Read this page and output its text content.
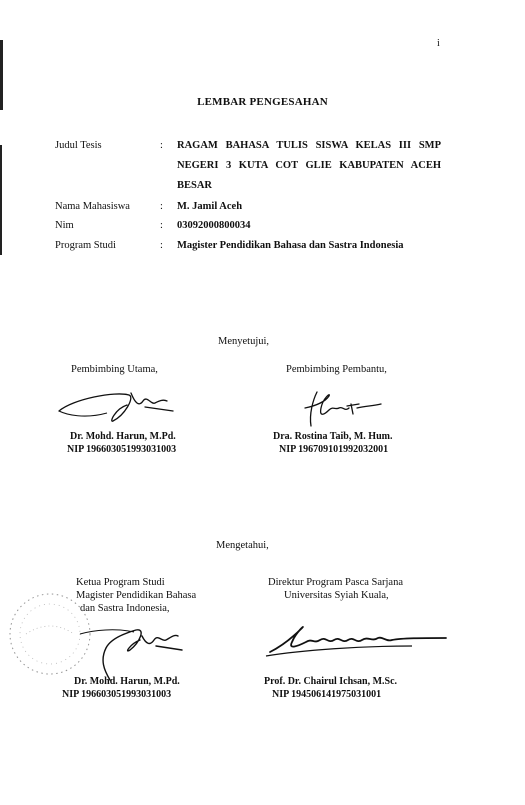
i
LEMBAR PENGESAHAN
Judul Tesis	: RAGAM BAHASA TULIS SISWA KELAS III SMP NEGERI 3 KUTA COT GLIE KABUPATEN ACEH BESAR
Nama Mahasiswa	: M. Jamil Aceh
Nim	: 03092000800034
Program Studi	: Magister Pendidikan Bahasa dan Sastra Indonesia
Menyetujui,
Pembimbing Utama,	Pembimbing Pembantu,
Dr. Mohd. Harun, M.Pd.
NIP 196603051993031003
Dra. Rostina Taib, M. Hum.
NIP 196709101992032001
Mengetahui,
Ketua Program Studi
Magister Pendidikan Bahasa
dan Sastra Indonesia,
Direktur Program Pasca Sarjana
Universitas Syiah Kuala,
Dr. Mohd. Harun, M.Pd.
NIP 196603051993031003
Prof. Dr. Chairul Ichsan, M.Sc.
NIP 194506141975031001
